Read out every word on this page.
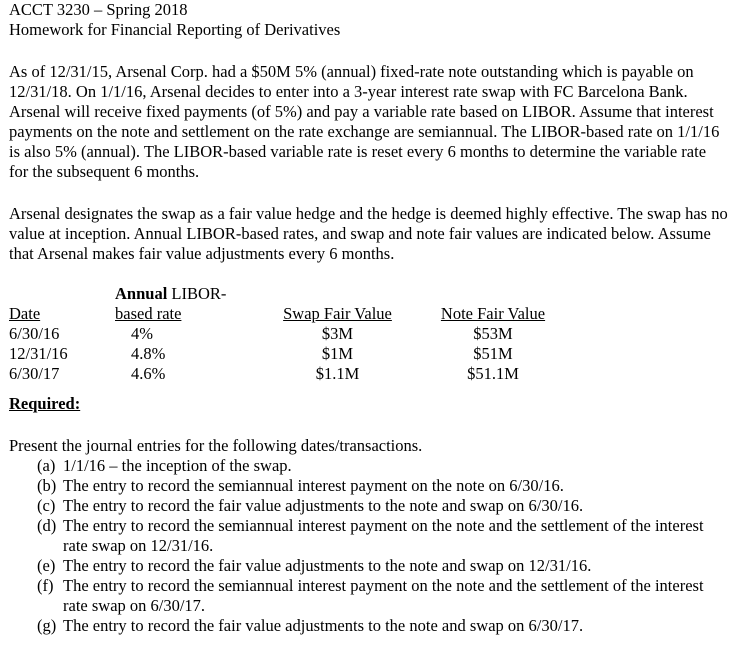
ACCT 3230 – Spring 2018
Homework for Financial Reporting of Derivatives

As of 12/31/15, Arsenal Corp. had a $50M 5% (annual) fixed-rate note outstanding which is payable on 12/31/18. On 1/1/16, Arsenal decides to enter into a 3-year interest rate swap with FC Barcelona Bank. Arsenal will receive fixed payments (of 5%) and pay a variable rate based on LIBOR. Assume that interest payments on the note and settlement on the rate exchange are semiannual. The LIBOR-based rate on 1/1/16 is also 5% (annual). The LIBOR-based variable rate is reset every 6 months to determine the variable rate for the subsequent 6 months.

Arsenal designates the swap as a fair value hedge and the hedge is deemed highly effective. The swap has no value at inception. Annual LIBOR-based rates, and swap and note fair values are indicated below. Assume that Arsenal makes fair value adjustments every 6 months.

Date
6/30/16
12/31/16
6/30/17
Annual LIBOR-
based rate
4%
4.8%
4.6%
Swap Fair Value
$3M
$1M
$1.1M
Note Fair Value
$53M
$51M
$51.1M
Required:

Present the journal entries for the following dates/transactions.

(a) 1/1/16 – the inception of the swap.
(b) The entry to record the semiannual interest payment on the note on 6/30/16.
(c) The entry to record the fair value adjustments to the note and swap on 6/30/16.
(d) The entry to record the semiannual interest payment on the note and the settlement of the interest rate swap on 12/31/16.
(e) The entry to record the fair value adjustments to the note and swap on 12/31/16.
(f) The entry to record the semiannual interest payment on the note and the settlement of the interest rate swap on 6/30/17.
(g) The entry to record the fair value adjustments to the note and swap on 6/30/17.
